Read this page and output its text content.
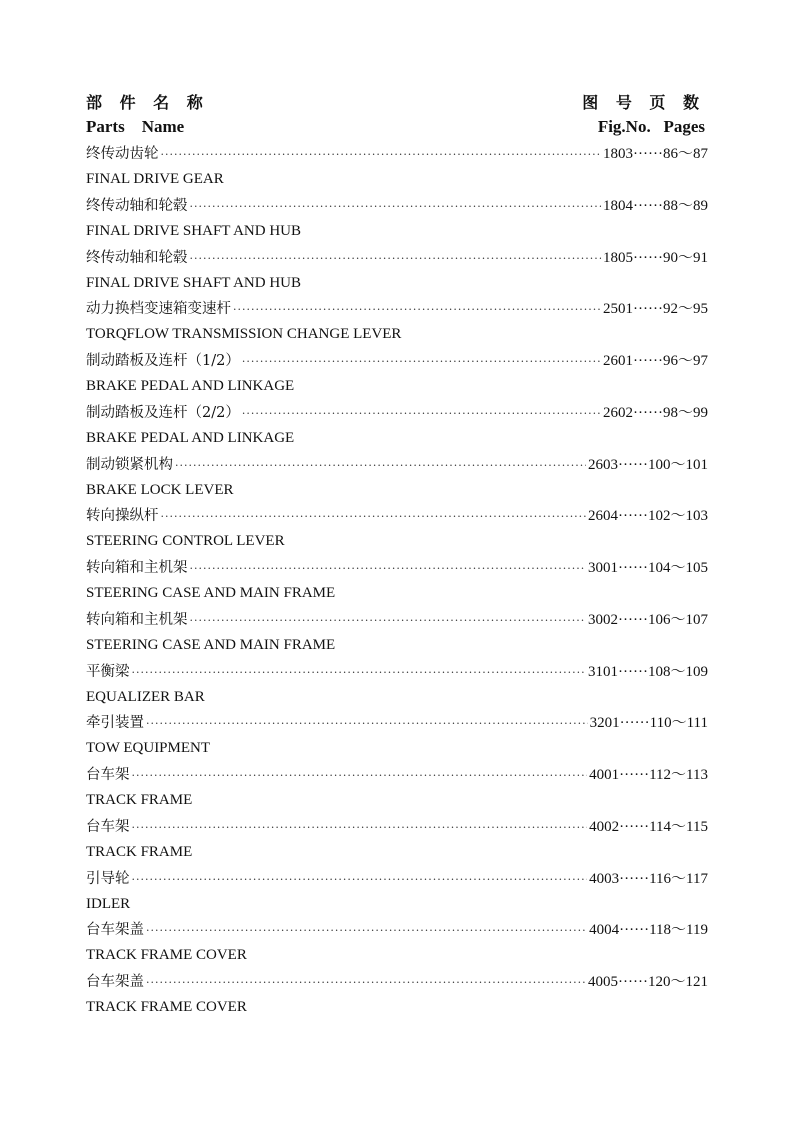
部 件 名 称	图 号 页 数
Parts    Name	Fig.No.   Pages
终传动齿轮 ·····	1803······86～87
FINAL DRIVE GEAR
终传动轴和轮毂 ·····	1804······88～89
FINAL DRIVE SHAFT AND HUB
终传动轴和轮毂 ·····	1805······90～91
FINAL DRIVE SHAFT AND HUB
动力换档变速箱变速杆 ·····	2501······92～95
TORQFLOW TRANSMISSION CHANGE LEVER
制动踏板及连杆（1/2） ·····	2601······96～97
BRAKE PEDAL AND LINKAGE
制动踏板及连杆（2/2） ·····	2602······98～99
BRAKE PEDAL AND LINKAGE
制动锁紧机构 ·····	2603······100～101
BRAKE LOCK LEVER
转向操纵杆 ·····	2604······102～103
STEERING CONTROL LEVER
转向箱和主机架 ·····	3001······104～105
STEERING CASE AND MAIN FRAME
转向箱和主机架 ·····	3002······106～107
STEERING CASE AND MAIN FRAME
平衡梁 ·····	3101······108～109
EQUALIZER BAR
牵引装置 ·····	3201······110～111
TOW EQUIPMENT
台车架 ·····	4001······112～113
TRACK FRAME
台车架 ·····	4002······114～115
TRACK FRAME
引导轮 ·····	4003······116～117
IDLER
台车架盖 ·····	4004······118～119
TRACK FRAME COVER
台车架盖 ·····	4005······120～121
TRACK FRAME COVER
